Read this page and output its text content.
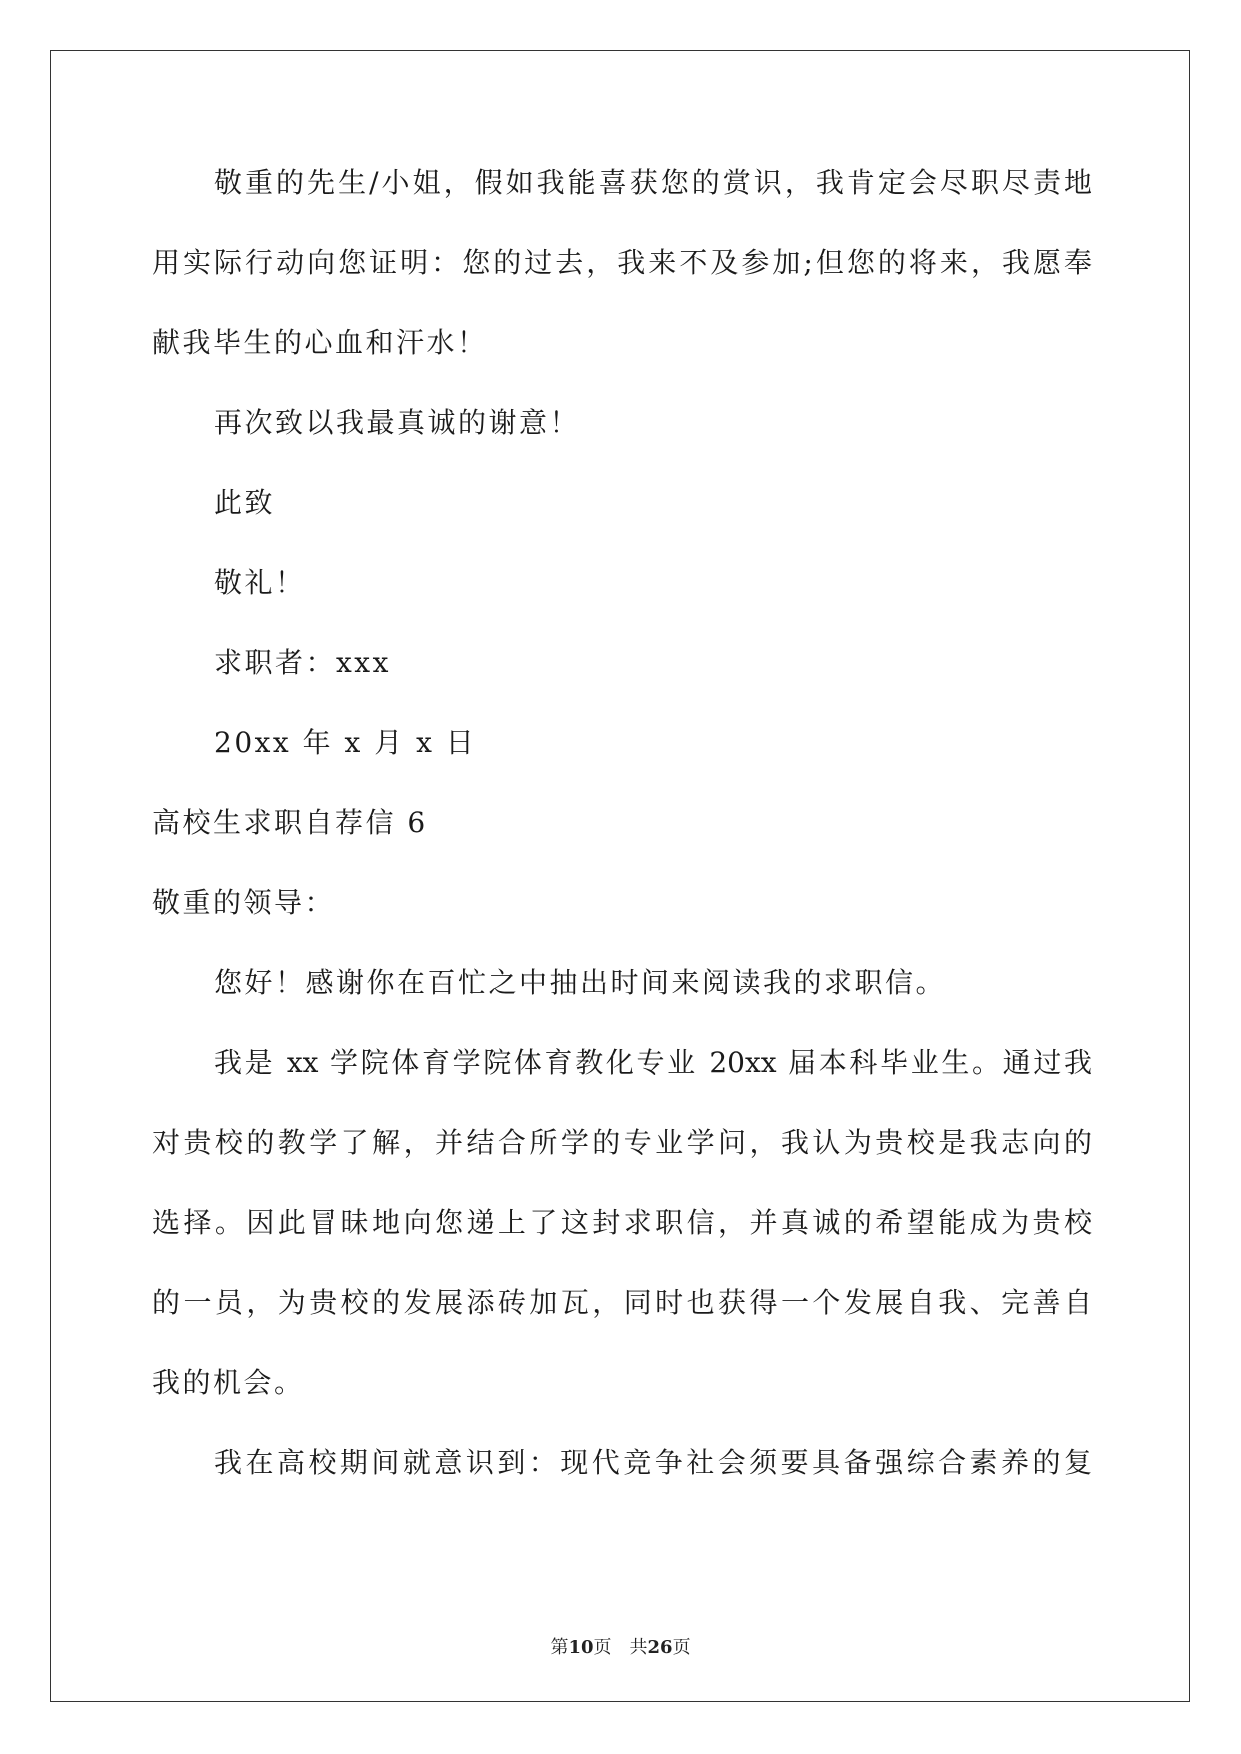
敬重的先生/小姐，假如我能喜获您的赏识，我肯定会尽职尽责地
用实际行动向您证明：您的过去，我来不及参加;但您的将来，我愿奉
献我毕生的心血和汗水！
再次致以我最真诚的谢意！
此致
敬礼！
求职者：xxx
20xx 年 x 月 x 日
高校生求职自荐信 6
敬重的领导：
您好！感谢你在百忙之中抽出时间来阅读我的求职信。
我是 xx 学院体育学院体育教化专业 20xx 届本科毕业生。通过我
对贵校的教学了解，并结合所学的专业学问，我认为贵校是我志向的
选择。因此冒昧地向您递上了这封求职信，并真诚的希望能成为贵校
的一员，为贵校的发展添砖加瓦，同时也获得一个发展自我、完善自
我的机会。
我在高校期间就意识到：现代竞争社会须要具备强综合素养的复
第10页 共26页
